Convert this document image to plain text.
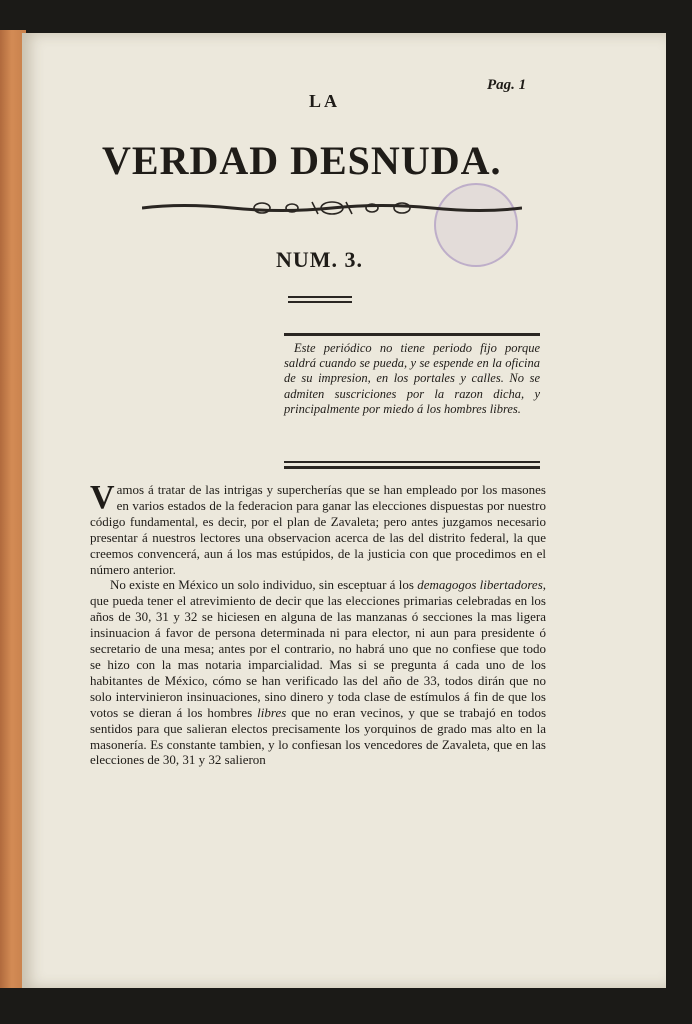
Pag. 1
LA
VERDAD DESNUDA.
NUM. 3.
Este periódico no tiene periodo fijo porque saldrá cuando se pueda, y se espende en la oficina de su impresion, en los portales y calles. No se admiten suscriciones por la razon dicha, y principalmente por miedo á los hombres libres.

Vamos á tratar de las intrigas y supercherías que se han empleado por los masones en varios estados de la federacion para ganar las elecciones dispuestas por nuestro código fundamental, es decir, por el plan de Zavaleta; pero antes juzgamos necesario presentar á nuestros lectores una observacion acerca de las del distrito federal, la que creemos convencerá, aun á los mas estúpidos, de la justicia con que procedimos en el número anterior.

No existe en México un solo individuo, sin esceptuar á los demagogos libertadores, que pueda tener el atrevimiento de decir que las elecciones primarias celebradas en los años de 30, 31 y 32 se hiciesen en alguna de las manzanas ó secciones la mas ligera insinuacion á favor de persona determinada ni para elector, ni aun para presidente ó secretario de una mesa; antes por el contrario, no habrá uno que no confiese que todo se hizo con la mas notaria imparcialidad. Mas si se pregunta á cada uno de los habitantes de México, cómo se han verificado las del año de 33, todos dirán que no solo intervinieron insinuaciones, sino dinero y toda clase de estímulos á fin de que los votos se dieran á los hombres libres que no eran vecinos, y que se trabajó en todos sentidos para que salieran electos precisamente los yorquinos de grado mas alto en la masonería. Es constante tambien, y lo confiesan los vencedores de Zavaleta, que en las elecciones de 30, 31 y 32 salieron
